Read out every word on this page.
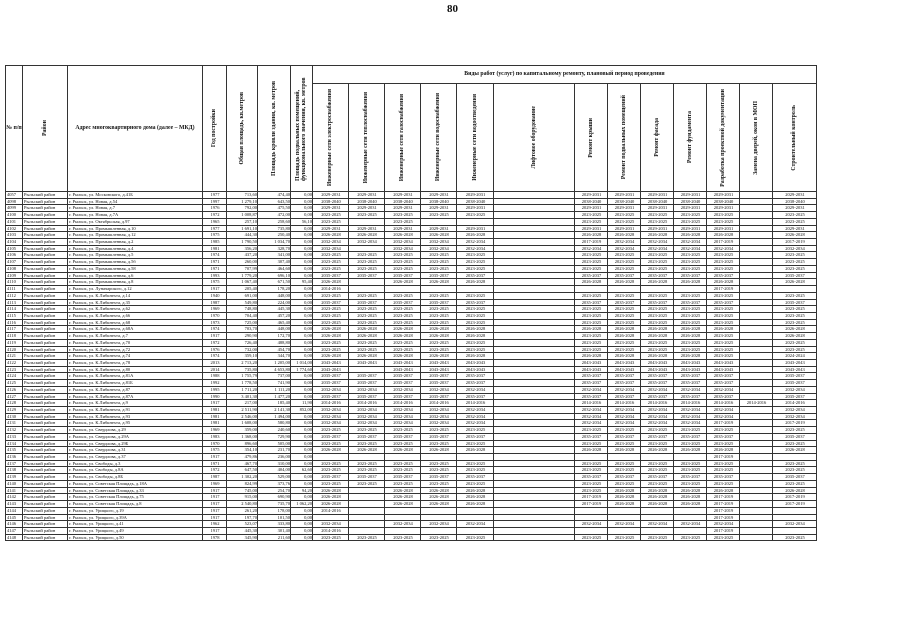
80
№ п/п	Район	Адрес многоквартирного дома (далее – МКД)	Год постройки	Общая площадь, кв.метров	Площадь кровли здания, кв. метров	Площадь подвальных помещений, функционального значения, кв. метров	Виды работ (услуг) по капитальному ремонту, плановый период проведения												

							Инженерные сети электроснабжения	Инженерные сети теплоснабжения	Инженерные сети газоснабжения	Инженерные сети водоснабжения	Инженерные сети водоотведения	Лифтовое оборудование	Ремонт крыши	Ремонт подвальных помещений	Ремонт фасада	Ремонт фундамента	Разработка проектной документации	Замена дверей, окон в МОП	Строительный контроль

4057	Рыльский район	г. Рыльск, ул. Московского, д.41Б	1977	713,60	474,40	0,00	2029-2031	2029-2031	2029-2031	2029-2031	2029-2031		2029-2031	2029-2031	2029-2031	2029-2031	2029-2031		2029-2031
4098	Рыльский район	г. Рыльск, ул. Новая, д.54	1997	1 279,10	643,50	0,00	2038-2040	2038-2040	2038-2040	2038-2040	2038-2040		2038-2040	2038-2040	2038-2040	2038-2040	2038-2040		2038-2040
4099	Рыльский район	г. Рыльск, ул. Новая, д.7	1976	792,00	475,50	0,00	2029-2031	2029-2031	2029-2031	2029-2031	2029-2031		2029-2031	2029-2031	2029-2031	2029-2031	2029-2031		2029-2031
4100	Рыльский район	г. Рыльск, ул. Новая, д.7А	1972	1 008,87	472,00	0,00	2023-2025	2023-2025	2023-2025	2023-2025	2023-2025		2023-2025	2023-2025	2023-2025	2023-2025	2023-2025		2023-2025
4101	Рыльский район	г. Рыльск, ул. Октябрьская, д.97	1965	257,10	258,60	56,10	2023-2025		2023-2025				2023-2025	2023-2025	2023-2025	2023-2025	2023-2025		2023-2025
4102	Рыльский район	г. Рыльск, ул. Промышленная, д.10	1977	1 691,10	735,80	0,00	2029-2031	2029-2031	2029-2031	2029-2031	2029-2031		2029-2031	2029-2031	2029-2031	2029-2031	2029-2031		2029-2031
4103	Рыльский район	г. Рыльск, ул. Промышленная, д.12	1975	444,30	250,40	0,00	2026-2028	2026-2028	2026-2028	2026-2028	2026-2028		2026-2028	2026-2028	2026-2028	2026-2028	2026-2028		2026-2028
4104	Рыльский район	г. Рыльск, ул. Промышленная, д.2	1985	1 790,50	1 034,70	0,00	2032-2034	2032-2034	2032-2034	2032-2034	2032-2034		2017-2019	2032-2034	2032-2034	2032-2034	2017-2019		2017-2019
4105	Рыльский район	г. Рыльск, ул. Промышленная, д.4	1981	356,20	328,70	0,00	2032-2034		2032-2034	2032-2034	2032-2034		2032-2034	2032-2034	2032-2034	2032-2034	2032-2034		2032-2034
4106	Рыльский район	г. Рыльск, ул. Промышленная, д.5	1974	437,20	341,00	0,00	2023-2025	2023-2025	2023-2025	2023-2025	2023-2025		2023-2025	2023-2025	2023-2025	2023-2025	2023-2025		2023-2025
4107	Рыльский район	г. Рыльск, ул. Промышленная, д.5б	1971	260,00	307,40	0,00	2023-2025	2023-2025	2023-2025	2023-2025	2023-2025		2023-2025	2023-2025	2023-2025	2023-2025	2023-2025		2023-2025
4108	Рыльский район	г. Рыльск, ул. Промышленная, д.58	1971	707,99	464,60	0,00	2023-2025	2023-2025	2023-2025	2023-2025	2023-2025		2023-2025	2023-2025	2023-2025	2023-2025	2023-2025		2023-2025
4109	Рыльский район	г. Рыльск, ул. Промышленная, д.6	1993	1 779,20	696,10	0,00	2035-2037	2035-2037	2035-2037	2035-2037	2035-2037		2035-2037	2035-2037	2035-2037	2035-2037	2035-2037		2035-2037
4110	Рыльский район	г. Рыльск, ул. Промышленная, д.8	1975	1 067,40	671,50	95,40	2026-2028		2026-2028	2026-2028	2026-2028		2026-2028	2026-2028	2026-2028	2026-2028	2026-2028		2026-2028
4111	Рыльский район	г. Рыльск, ул. Луначарского, д.12	1917	205,40	178,20	0,00	2014-2016										2017-2019		
4112	Рыльский район	г. Рыльск, ул. К.Либкнехта, д.14	1940	691,00	448,00	0,00	2023-2025	2023-2025	2023-2025	2023-2025	2023-2025		2023-2025	2023-2025	2023-2025	2023-2025	2023-2025		2023-2025
4113	Рыльский район	г. Рыльск, ул. К.Либкнехта, д.35	1987	549,80	224,00	0,00	2035-2037	2035-2037	2035-2037	2035-2037	2035-2037		2035-2037	2035-2037	2035-2037	2035-2037	2035-2037		2035-2037
4114	Рыльский район	г. Рыльск, ул. К.Либкнехта, д.62	1969	748,80	445,30	0,00	2023-2025	2023-2025	2023-2025	2023-2025	2023-2025		2023-2025	2023-2025	2023-2025	2023-2025	2023-2025		2023-2025
4115	Рыльский район	г. Рыльск, ул. К.Либкнехта, д.66	1970	704,40	457,20	0,00	2023-2025	2023-2025	2023-2025	2023-2025	2023-2025		2023-2025	2023-2025	2023-2025	2023-2025	2023-2025		2023-2025
4116	Рыльский район	г. Рыльск, ул. К.Либкнехта, д.68	1973	725,00	465,40	0,00	2023-2025	2023-2025	2023-2025	2023-2025	2023-2025		2023-2025	2023-2025	2023-2025	2023-2025	2023-2025		2023-2025
4117	Рыльский район	г. Рыльск, ул. К.Либкнехта, д.68А	1974	703,70	448,00	0,00	2026-2028	2026-2028	2026-2028	2026-2028	2026-2028		2026-2028	2026-2028	2026-2028	2026-2028	2026-2028		2026-2028
4118	Рыльский район	г. Рыльск, ул. К.Либкнехта, д.7	1917	290,90	172,70	0,00	2026-2028	2026-2028	2026-2028	2026-2028	2026-2028		2023-2025	2026-2028	2026-2028	2026-2028	2023-2025		2026-2028
4119	Рыльский район	г. Рыльск, ул. К.Либкнехта, д.70	1972	726,40	488,80	0,00	2023-2025	2023-2025	2023-2025	2023-2025	2023-2025		2023-2025	2023-2025	2023-2025	2023-2025	2023-2025		2023-2025
4120	Рыльский район	г. Рыльск, ул. К.Либкнехта, д.72	1976	732,00	454,70	0,00	2023-2025	2023-2025	2023-2025	2023-2025	2023-2025		2023-2025	2023-2025	2023-2025	2023-2025	2023-2025		2023-2025
4121	Рыльский район	г. Рыльск, ул. К.Либкнехта, д.74	1974	359,10	344,70	0,00	2026-2028	2026-2028	2026-2028	2026-2028	2026-2028		2026-2028	2026-2028	2026-2028	2026-2028	2023-2025		2024-2024
4122	Рыльский район	г. Рыльск, ул. К.Либкнехта, д.78	2013	2 713,20	1 205,00	1 014,00	2043-2043	2043-2043	2043-2043	2043-2043	2043-2043		2043-2043	2043-2043	2043-2043	2043-2043	2043-2043		2043-2043
4123	Рыльский район	г. Рыльск, ул. К.Либкнехта, д.80	2014	735,80	4 653,80	1 774,60	2043-2043		2043-2043	2043-2043	2043-2043		2043-2043	2043-2043	2043-2043	2043-2043	2043-2043		2043-2043
4124	Рыльский район	г. Рыльск, ул. К.Либкнехта, д.81А	1988	1 755,79	737,00	0,00	2035-2037	2035-2037	2035-2037	2035-2037	2035-2037		2035-2037	2035-2037	2035-2037	2035-2037	2035-2037		2035-2037
4125	Рыльский район	г. Рыльск, ул. К.Либкнехта, д.81Б	1992	1 778,50	741,90	0,00	2035-2037	2035-2037	2035-2037	2035-2037	2035-2037		2035-2037	2035-2037	2035-2037	2035-2037	2035-2037		2035-2037
4126	Рыльский район	г. Рыльск, ул. К.Либкнехта, д.87	1995	1 711,20	1 111,20	0,00	2032-2034	2032-2034	2032-2034	2032-2034	2032-2034		2032-2034	2032-2034	2032-2034	2032-2034	2032-2034		2032-2034
4127	Рыльский район	г. Рыльск, ул. К.Либкнехта, д.87А	1990	3 401,30	1 477,20	0,00	2035-2037	2035-2037	2035-2037	2035-2037	2035-2037		2035-2037	2035-2037	2035-2037	2035-2037	2035-2037		2035-2037
4128	Рыльский район	г. Рыльск, ул. К.Либкнехта, д.9	1917	217,00	185,40	11,90	2014-2016	2014-2016	2014-2016	2014-2016	2014-2016		2014-2016	2014-2016	2014-2016	2014-2016	2014-2016	2014-2016	2014-2016
4129	Рыльский район	г. Рыльск, ул. К.Либкнехта, д.91	1981	2 511,90	2 141,30	852,00	2032-2034	2032-2034	2032-2034	2032-2034	2032-2034		2032-2034	2032-2034	2032-2034	2032-2034	2032-2034		2032-2034
4130	Рыльский район	г. Рыльск, ул. К.Либкнехта, д.93	1981	2 546,00	1 494,00	0,00	2032-2034	2032-2034	2032-2034	2032-2034	2032-2034		2032-2034	2032-2034	2032-2034	2032-2034	2032-2034		2032-2034
4131	Рыльский район	г. Рыльск, ул. К.Либкнехта, д.95	1981	1 608,00	580,80	0,00	2032-2034	2032-2034	2032-2034	2032-2034	2032-2034		2032-2034	2032-2034	2032-2034	2032-2034	2017-2019		2017-2019
4132	Рыльский район	г. Рыльск, ул. Свердлова, д.29	1969	359,00	240,60	0,00	2023-2025	2023-2025	2023-2025	2023-2025	2023-2025		2023-2025	2023-2025	2023-2025	2023-2025	2023-2025		2023-2025
4133	Рыльский район	г. Рыльск, ул. Свердлова, д.29А	1983	1 368,00	729,90	0,00	2035-2037	2035-2037	2035-2037	2035-2037	2035-2037		2035-2037	2035-2037	2035-2037	2035-2037	2035-2037		2035-2037
4134	Рыльский район	г. Рыльск, ул. Свердлова, д.29Б	1970	896,60	505,00	0,00	2023-2025	2023-2025	2023-2025	2023-2025	2023-2025		2023-2025	2023-2025	2023-2025	2023-2025	2023-2025		2023-2025
4135	Рыльский район	г. Рыльск, ул. Свердлова, д.31	1975	354,10	231,70	0,00	2026-2028	2026-2028	2026-2028	2026-2028	2026-2028		2026-2028	2026-2028	2026-2028	2026-2028	2026-2028		2026-2028
4136	Рыльский район	г. Рыльск, ул. Свердлова, д.37	1917	479,86	236,00	0,00											2017-2019		
4137	Рыльский район	г. Рыльск, ул. Свободы, д.3	1971	467,70	310,00	0,00	2023-2025	2023-2025	2023-2025	2023-2025	2023-2025		2023-2025	2023-2025	2023-2025	2023-2025	2023-2025		2023-2025
4138	Рыльский район	г. Рыльск, ул. Свободы, д.8А	1972	647,50	404,00	62,60	2023-2025	2023-2025	2023-2025	2023-2025	2023-2025		2023-2025	2023-2025	2023-2025	2023-2025	2023-2025		2023-2025
4139	Рыльский район	г. Рыльск, ул. Свободы, д.8Б	1987	1 302,20	529,00	0,00	2035-2037	2035-2037	2035-2037	2035-2037	2035-2037		2035-2037	2035-2037	2035-2037	2035-2037	2035-2037		2035-2037
4140	Рыльский район	г. Рыльск, ул. Советская Площадь, д.18А	1969	824,99	373,76	0,00	2023-2025	2023-2025	2023-2025	2023-2025	2023-2025		2023-2025	2023-2025	2023-2025	2023-2025	2023-2025		2023-2025
4141	Рыльский район	г. Рыльск, ул. Советская Площадь, д.33	1917	745,00	254,70	94,20	2026-2028		2026-2028	2026-2028	2026-2028		2023-2025	2026-2028	2026-2028	2026-2028	2026-2028		2026-2028
4142	Рыльский район	г. Рыльск, ул. Советская Площадь, д.75	1917	915,00	690,90	0,00	2026-2028		2026-2028	2026-2028	2026-2028		2017-2019	2026-2028	2026-2028	2026-2028	2017-2019		2017-2019
4143	Рыльский район	г. Рыльск, ул. Советская Площадь, д.8	1917	2 540,80	735,70	1 062,20	2026-2028		2026-2028	2026-2028	2026-2028		2017-2019	2026-2028	2026-2028	2026-2028	2017-2019		2017-2019
4144	Рыльский район	г. Рыльск, ул. Урицкого, д.19	1917	261,20	178,00	0,00	2014-2016										2017-2019		
4145	Рыльский район	г. Рыльск, ул. Урицкого, д.39А	1917	197,70	101,50	0,00											2017-2019		
4146	Рыльский район	г. Рыльск, ул. Урицкого, д.41	1962	523,07	333,80	0,00	2032-2034		2032-2034	2032-2034	2032-2034		2032-2034	2032-2034	2032-2034	2032-2034	2032-2034		2032-2034
4147	Рыльский район	г. Рыльск, ул. Урицкого, д.49	1917	445,30	301,40	0,00	2014-2016										2017-2019		
4148	Рыльский район	г. Рыльск, ул. Урицкого, д.50	1978	345,90	211,60	0,00	2023-2025	2023-2025	2023-2025	2023-2025	2023-2025		2023-2025	2023-2025	2023-2025	2023-2025	2023-2025		2023-2025
